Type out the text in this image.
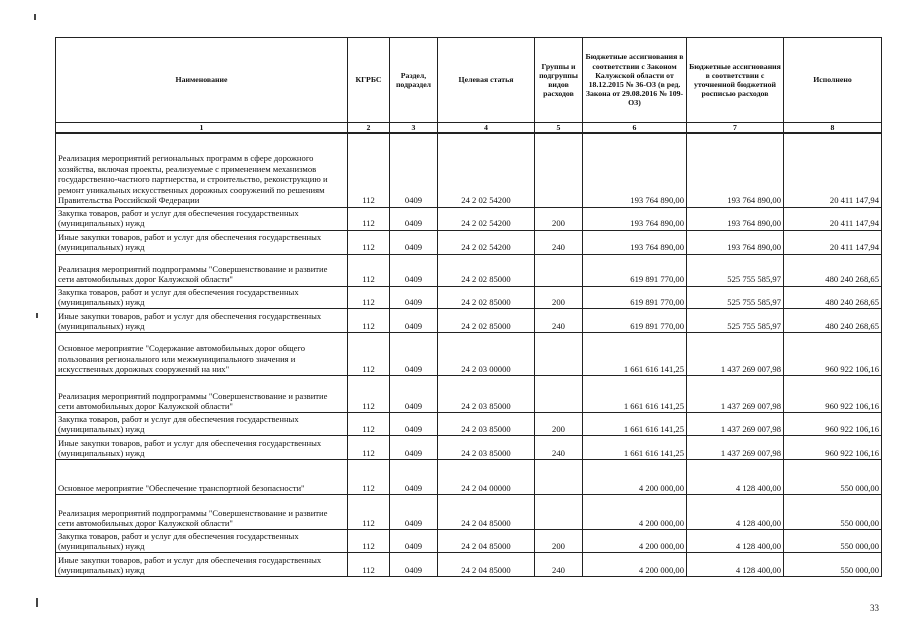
Наименование	КГРБС	Раздел, подраздел	Целевая статья	Группы и подгруппы видов расходов	Бюджетные ассигнования в соответствии с Законом Калужской области от 18.12.2015 № 36-ОЗ (в ред. Закона от 29.08.2016 № 109-ОЗ)	Бюджетные ассигнования в соответствии с уточненной бюджетной росписью расходов	Исполнено
1	2	3	4	5	6	7	8
Реализация мероприятий региональных программ в сфере дорожного хозяйства, включая проекты, реализуемые с применением механизмов государственно-частного партнерства, и строительство, реконструкцию и ремонт уникальных искусственных дорожных сооружений по решениям Правительства Российской Федерации	112	0409	24 2 02 54200		193 764 890,00	193 764 890,00	20 411 147,94
Закупка товаров, работ и услуг для обеспечения государственных (муниципальных) нужд	112	0409	24 2 02 54200	200	193 764 890,00	193 764 890,00	20 411 147,94
Иные закупки товаров, работ и услуг для обеспечения государственных (муниципальных) нужд	112	0409	24 2 02 54200	240	193 764 890,00	193 764 890,00	20 411 147,94
Реализация мероприятий подпрограммы "Совершенствование и развитие сети автомобильных дорог Калужской области"	112	0409	24 2 02 85000		619 891 770,00	525 755 585,97	480 240 268,65
Закупка товаров, работ и услуг для обеспечения государственных (муниципальных) нужд	112	0409	24 2 02 85000	200	619 891 770,00	525 755 585,97	480 240 268,65
Иные закупки товаров, работ и услуг для обеспечения государственных (муниципальных) нужд	112	0409	24 2 02 85000	240	619 891 770,00	525 755 585,97	480 240 268,65
Основное мероприятие "Содержание автомобильных дорог общего пользования регионального или межмуниципального значения и искусственных дорожных сооружений на них"	112	0409	24 2 03 00000		1 661 616 141,25	1 437 269 007,98	960 922 106,16
Реализация мероприятий подпрограммы "Совершенствование и развитие сети автомобильных дорог Калужской области"	112	0409	24 2 03 85000		1 661 616 141,25	1 437 269 007,98	960 922 106,16
Закупка товаров, работ и услуг для обеспечения государственных (муниципальных) нужд	112	0409	24 2 03 85000	200	1 661 616 141,25	1 437 269 007,98	960 922 106,16
Иные закупки товаров, работ и услуг для обеспечения государственных (муниципальных) нужд	112	0409	24 2 03 85000	240	1 661 616 141,25	1 437 269 007,98	960 922 106,16
Основное мероприятие "Обеспечение транспортной безопасности"	112	0409	24 2 04 00000		4 200 000,00	4 128 400,00	550 000,00
Реализация мероприятий подпрограммы "Совершенствование и развитие сети автомобильных дорог Калужской области"	112	0409	24 2 04 85000		4 200 000,00	4 128 400,00	550 000,00
Закупка товаров, работ и услуг для обеспечения государственных (муниципальных) нужд	112	0409	24 2 04 85000	200	4 200 000,00	4 128 400,00	550 000,00
Иные закупки товаров, работ и услуг для обеспечения государственных (муниципальных) нужд	112	0409	24 2 04 85000	240	4 200 000,00	4 128 400,00	550 000,00
33
